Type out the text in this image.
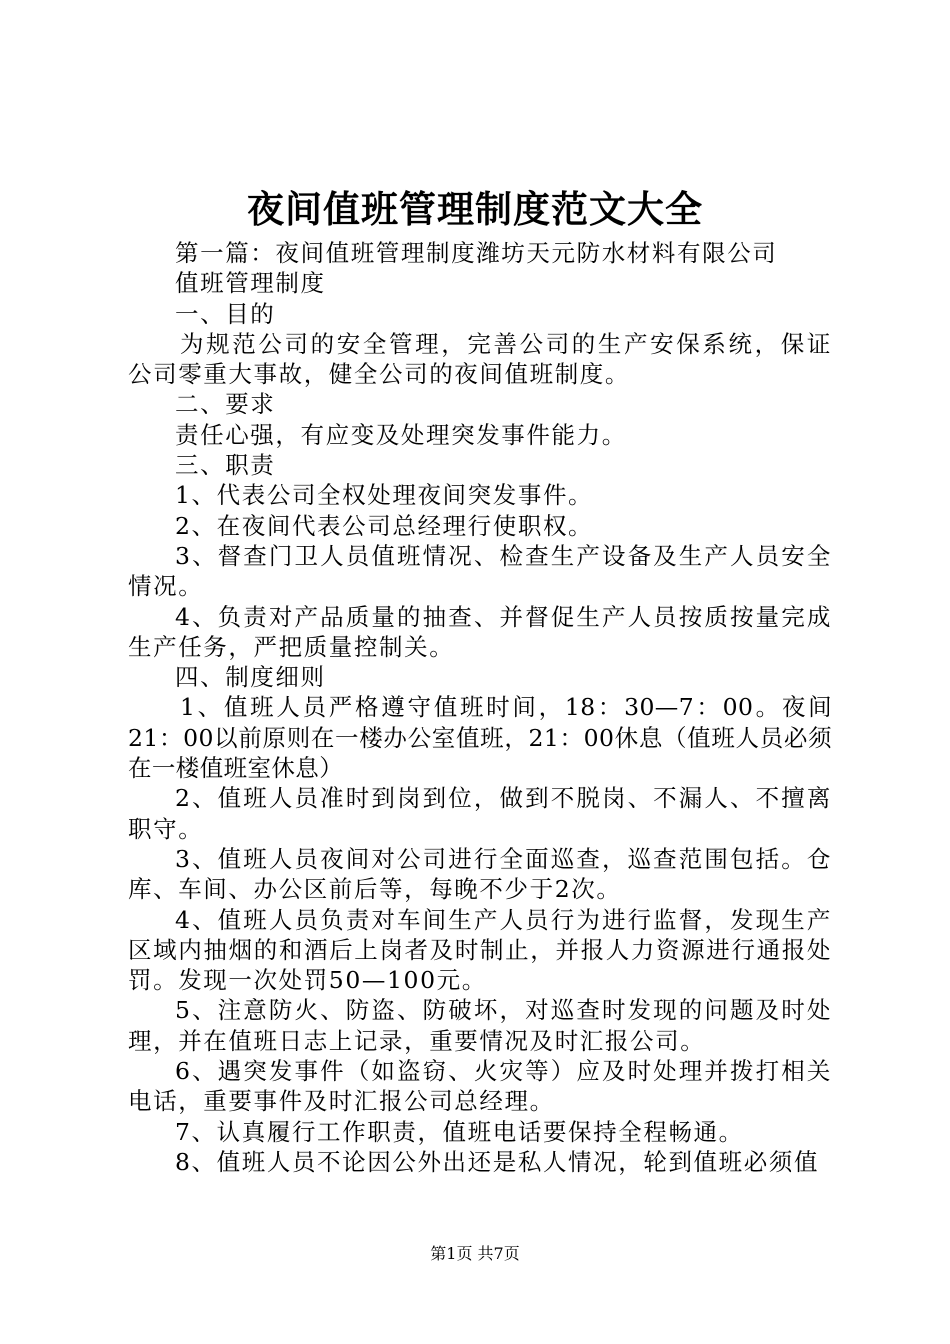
夜间值班管理制度范文大全

第一篇：夜间值班管理制度潍坊天元防水材料有限公司

值班管理制度

一、目的

为规范公司的安全管理，完善公司的生产安保系统，保证公司零重大事故，健全公司的夜间值班制度。

二、要求

责任心强，有应变及处理突发事件能力。

三、职责

1、代表公司全权处理夜间突发事件。

2、在夜间代表公司总经理行使职权。

3、督查门卫人员值班情况、检查生产设备及生产人员安全情况。

4、负责对产品质量的抽查、并督促生产人员按质按量完成生产任务，严把质量控制关。

四、制度细则

1、值班人员严格遵守值班时间，18：30—7：00。夜间21：00以前原则在一楼办公室值班，21：00休息（值班人员必须在一楼值班室休息）

2、值班人员准时到岗到位，做到不脱岗、不漏人、不擅离职守。

3、值班人员夜间对公司进行全面巡查，巡查范围包括。仓库、车间、办公区前后等，每晚不少于2次。

4、值班人员负责对车间生产人员行为进行监督，发现生产区域内抽烟的和酒后上岗者及时制止，并报人力资源进行通报处罚。发现一次处罚50—100元。

5、注意防火、防盗、防破坏，对巡查时发现的问题及时处理，并在值班日志上记录，重要情况及时汇报公司。

6、遇突发事件（如盗窃、火灾等）应及时处理并拨打相关电话，重要事件及时汇报公司总经理。

7、认真履行工作职责，值班电话要保持全程畅通。

8、值班人员不论因公外出还是私人情况，轮到值班必须值

第1页 共7页
